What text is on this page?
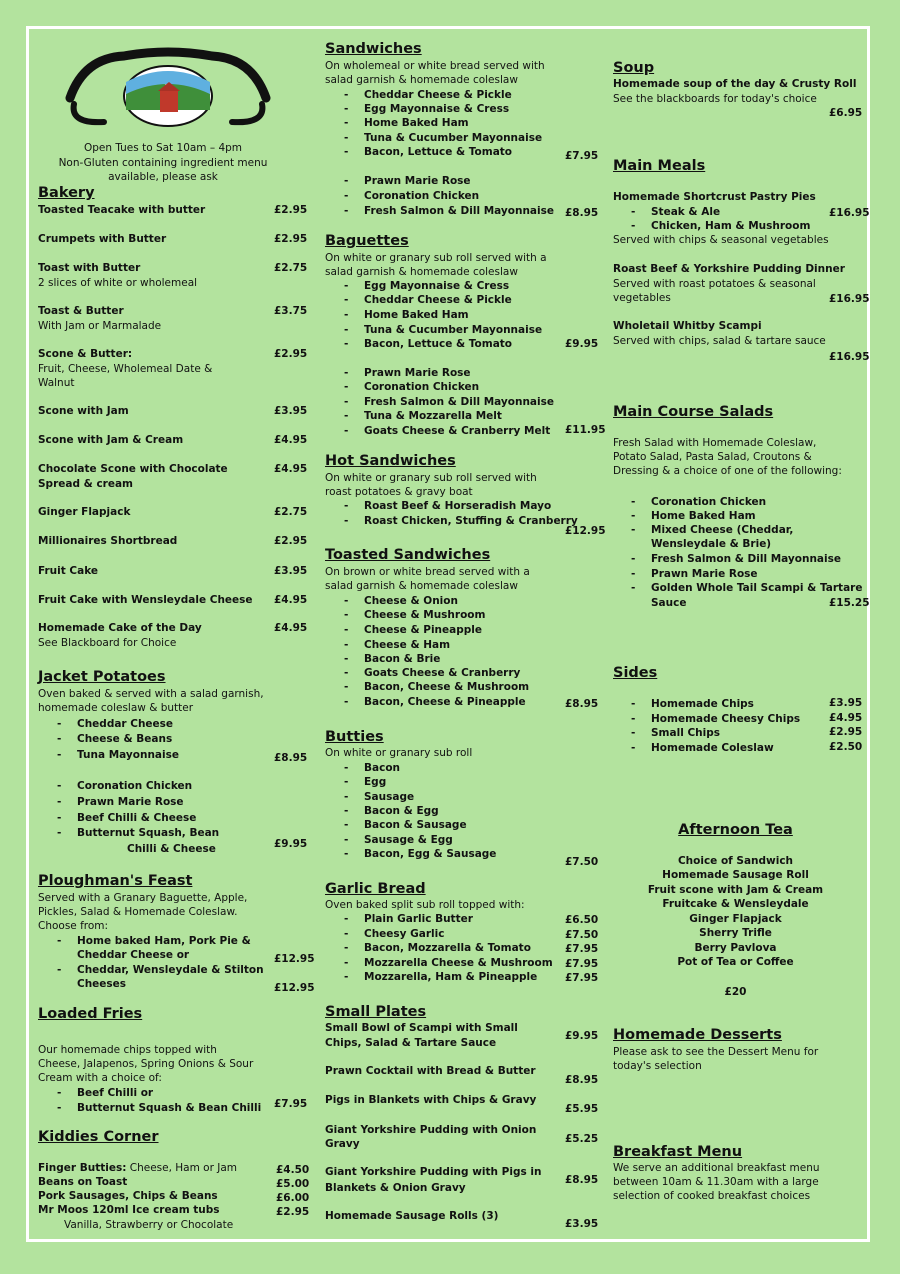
Open Tues to Sat 10am – 4pm
Non-Gluten containing ingredient menu
available, please ask
Bakery
Toasted Teacake with butter	£2.95
Crumpets with Butter	£2.95
Toast with Butter	£2.75
2 slices of white or wholemeal
Toast & Butter	£3.75
With Jam or Marmalade
Scone & Butter:	£2.95
Fruit, Cheese, Wholemeal Date &
Walnut
Scone with Jam	£3.95
Scone with Jam & Cream	£4.95
Chocolate Scone with Chocolate	£4.95
Spread & cream
Ginger Flapjack	£2.75
Millionaires Shortbread	£2.95
Fruit Cake	£3.95
Fruit Cake with Wensleydale Cheese £4.95
Homemade Cake of the Day	£4.95
See Blackboard for Choice
Jacket Potatoes
Oven baked & served with a salad garnish,
homemade coleslaw & butter
- Cheddar Cheese
- Cheese & Beans
- Tuna Mayonnaise	£8.95
- Coronation Chicken
- Prawn Marie Rose
- Beef Chilli & Cheese
- Butternut Squash, Bean
Chilli & Cheese	£9.95
Ploughman's Feast
Served with a Granary Baguette, Apple,
Pickles, Salad & Homemade Coleslaw.
Choose from:
- Home baked Ham, Pork Pie &
Cheddar Cheese or	£12.95
- Cheddar, Wensleydale & Stilton
Cheeses	£12.95
Loaded Fries
Our homemade chips topped with
Cheese, Jalapenos, Spring Onions & Sour
Cream with a choice of:
- Beef Chilli or
- Butternut Squash & Bean Chilli £7.95
Kiddies Corner
Finger Butties: Cheese, Ham or Jam	£4.50
Beans on Toast	£5.00
Pork Sausages, Chips & Beans	£6.00
Mr Moos 120ml Ice cream tubs	£2.95
Vanilla, Strawberry or Chocolate
Sandwiches
On wholemeal or white bread served with
salad garnish & homemade coleslaw
- Cheddar Cheese & Pickle
- Egg Mayonnaise & Cress
- Home Baked Ham
- Tuna & Cucumber Mayonnaise
- Bacon, Lettuce & Tomato	£7.95
- Prawn Marie Rose
- Coronation Chicken
- Fresh Salmon & Dill Mayonnaise £8.95
Baguettes
On white or granary sub roll served with a
salad garnish & homemade coleslaw
- Egg Mayonnaise & Cress
- Cheddar Cheese & Pickle
- Home Baked Ham
- Tuna & Cucumber Mayonnaise
- Bacon, Lettuce & Tomato	£9.95
- Prawn Marie Rose
- Coronation Chicken
- Fresh Salmon & Dill Mayonnaise
- Tuna & Mozzarella Melt
- Goats Cheese & Cranberry Melt £11.95
Hot Sandwiches
On white or granary sub roll served with
roast potatoes & gravy boat
- Roast Beef & Horseradish Mayo
- Roast Chicken, Stuffing & Cranberry
£12.95
Toasted Sandwiches
On brown or white bread served with a
salad garnish & homemade coleslaw
- Cheese & Onion
- Cheese & Mushroom
- Cheese & Pineapple
- Cheese & Ham
- Bacon & Brie
- Goats Cheese & Cranberry
- Bacon, Cheese & Mushroom
- Bacon, Cheese & Pineapple	£8.95
Butties
On white or granary sub roll
- Bacon
- Egg
- Sausage
- Bacon & Egg
- Bacon & Sausage
- Sausage & Egg
- Bacon, Egg & Sausage
£7.50
Garlic Bread
Oven baked split sub roll topped with:
- Plain Garlic Butter	£6.50
- Cheesy Garlic	£7.50
- Bacon, Mozzarella & Tomato	£7.95
- Mozzarella Cheese & Mushroom £7.95
- Mozzarella, Ham & Pineapple	£7.95
Small Plates
Small Bowl of Scampi with Small
Chips, Salad & Tartare Sauce
£9.95
Prawn Cocktail with Bread & Butter
£8.95
Pigs in Blankets with Chips & Gravy
£5.95
Giant Yorkshire Pudding with Onion
Gravy	£5.25
Giant Yorkshire Pudding with Pigs in
Blankets & Onion Gravy
£8.95
Homemade Sausage Rolls (3)
£3.95
Soup
Homemade soup of the day & Crusty Roll
See the blackboards for today's choice
£6.95
Main Meals
Homemade Shortcrust Pastry Pies
- Steak & Ale	£16.95
- Chicken, Ham & Mushroom
Served with chips & seasonal vegetables
Roast Beef & Yorkshire Pudding Dinner
Served with roast potatoes & seasonal
vegetables	£16.95
Wholetail Whitby Scampi
Served with chips, salad & tartare sauce
£16.95
Main Course Salads
Fresh Salad with Homemade Coleslaw,
Potato Salad, Pasta Salad, Croutons &
Dressing & a choice of one of the following:
- Coronation Chicken
- Home Baked Ham
- Mixed Cheese (Cheddar,
Wensleydale & Brie)
- Fresh Salmon & Dill Mayonnaise
- Prawn Marie Rose
- Golden Whole Tail Scampi & Tartare
Sauce	£15.25
Sides
- Homemade Chips	£3.95
- Homemade Cheesy Chips	£4.95
- Small Chips	£2.95
- Homemade Coleslaw	£2.50
Afternoon Tea
Choice of Sandwich
Homemade Sausage Roll
Fruit scone with Jam & Cream
Fruitcake & Wensleydale
Ginger Flapjack
Sherry Trifle
Berry Pavlova
Pot of Tea or Coffee
£20
Homemade Desserts
Please ask to see the Dessert Menu for
today's selection
Breakfast Menu
We serve an additional breakfast menu
between 10am & 11.30am with a large
selection of cooked breakfast choices
